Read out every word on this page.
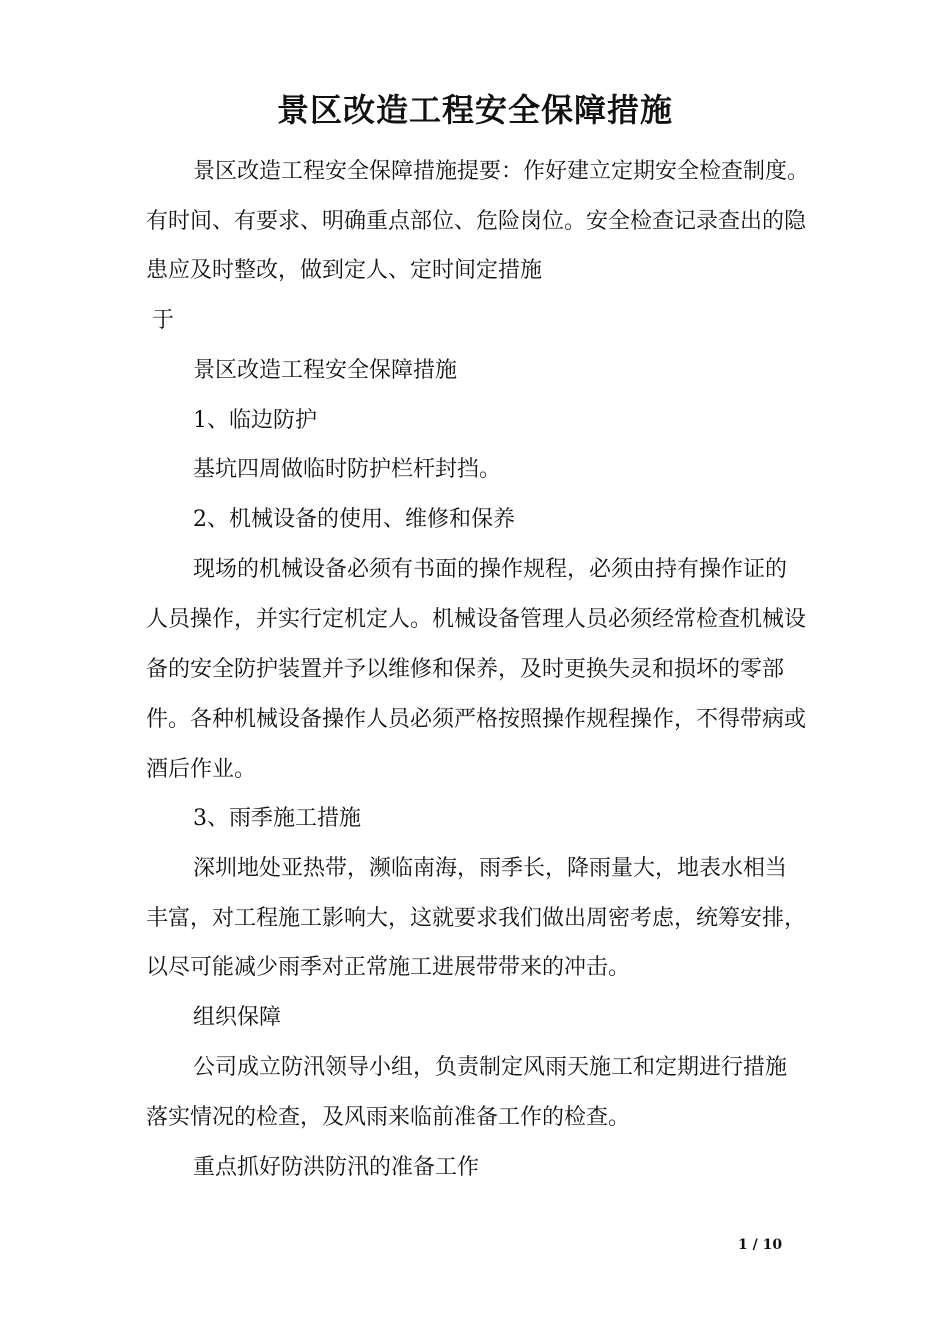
景区改造工程安全保障措施

景区改造工程安全保障措施提要：作好建立定期安全检查制度。

有时间、有要求、明确重点部位、危险岗位。安全检查记录查出的隐

患应及时整改，做到定人、定时间定措施

于

景区改造工程安全保障措施

1、临边防护

基坑四周做临时防护栏杆封挡。

2、机械设备的使用、维修和保养

现场的机械设备必须有书面的操作规程，必须由持有操作证的

人员操作，并实行定机定人。机械设备管理人员必须经常检查机械设

备的安全防护装置并予以维修和保养，及时更换失灵和损坏的零部

件。各种机械设备操作人员必须严格按照操作规程操作，不得带病或

酒后作业。

3、雨季施工措施

深圳地处亚热带，濒临南海，雨季长，降雨量大，地表水相当

丰富，对工程施工影响大，这就要求我们做出周密考虑，统筹安排，

以尽可能减少雨季对正常施工进展带带来的冲击。

组织保障

公司成立防汛领导小组，负责制定风雨天施工和定期进行措施

落实情况的检查，及风雨来临前准备工作的检查。

重点抓好防洪防汛的准备工作

1 / 10
